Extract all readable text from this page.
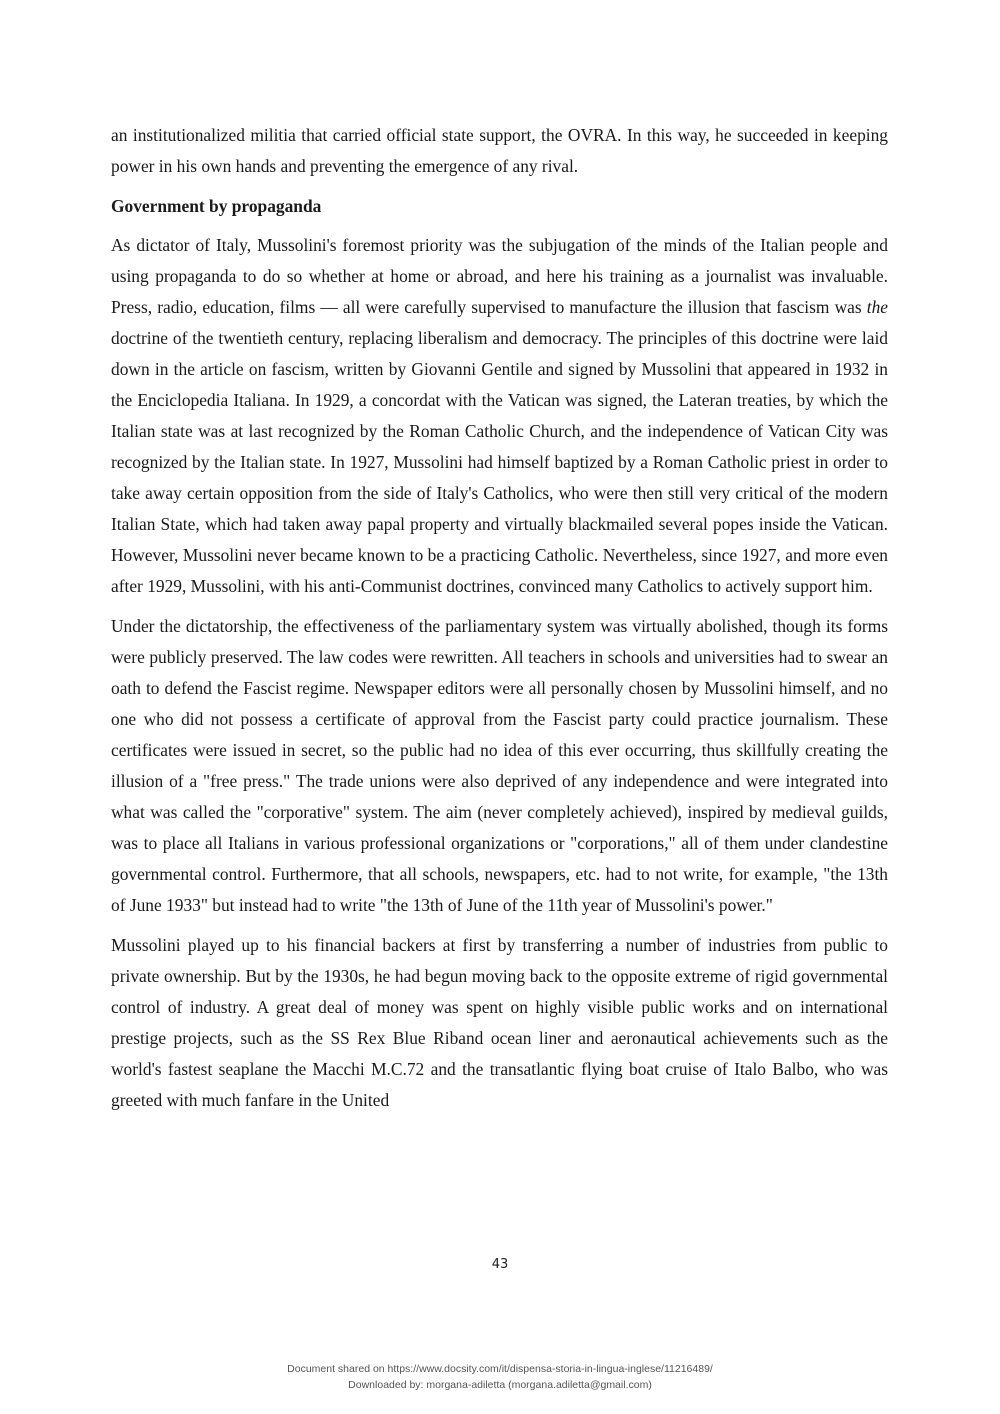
an institutionalized militia that carried official state support, the OVRA. In this way, he succeeded in keeping power in his own hands and preventing the emergence of any rival.

Government by propaganda

As dictator of Italy, Mussolini's foremost priority was the subjugation of the minds of the Italian people and using propaganda to do so whether at home or abroad, and here his training as a journalist was invaluable. Press, radio, education, films — all were carefully supervised to manufacture the illusion that fascism was the doctrine of the twentieth century, replacing liberalism and democracy. The principles of this doctrine were laid down in the article on fascism, written by Giovanni Gentile and signed by Mussolini that appeared in 1932 in the Enciclopedia Italiana. In 1929, a concordat with the Vatican was signed, the Lateran treaties, by which the Italian state was at last recognized by the Roman Catholic Church, and the independence of Vatican City was recognized by the Italian state. In 1927, Mussolini had himself baptized by a Roman Catholic priest in order to take away certain opposition from the side of Italy's Catholics, who were then still very critical of the modern Italian State, which had taken away papal property and virtually blackmailed several popes inside the Vatican. However, Mussolini never became known to be a practicing Catholic. Nevertheless, since 1927, and more even after 1929, Mussolini, with his anti-Communist doctrines, convinced many Catholics to actively support him.

Under the dictatorship, the effectiveness of the parliamentary system was virtually abolished, though its forms were publicly preserved. The law codes were rewritten. All teachers in schools and universities had to swear an oath to defend the Fascist regime. Newspaper editors were all personally chosen by Mussolini himself, and no one who did not possess a certificate of approval from the Fascist party could practice journalism. These certificates were issued in secret, so the public had no idea of this ever occurring, thus skillfully creating the illusion of a "free press." The trade unions were also deprived of any independence and were integrated into what was called the "corporative" system. The aim (never completely achieved), inspired by medieval guilds, was to place all Italians in various professional organizations or "corporations," all of them under clandestine governmental control. Furthermore, that all schools, newspapers, etc. had to not write, for example, "the 13th of June 1933" but instead had to write "the 13th of June of the 11th year of Mussolini's power."

Mussolini played up to his financial backers at first by transferring a number of industries from public to private ownership. But by the 1930s, he had begun moving back to the opposite extreme of rigid governmental control of industry. A great deal of money was spent on highly visible public works and on international prestige projects, such as the SS Rex Blue Riband ocean liner and aeronautical achievements such as the world's fastest seaplane the Macchi M.C.72 and the transatlantic flying boat cruise of Italo Balbo, who was greeted with much fanfare in the United

43
Document shared on https://www.docsity.com/it/dispensa-storia-in-lingua-inglese/11216489/
Downloaded by: morgana-adiletta (morgana.adiletta@gmail.com)
